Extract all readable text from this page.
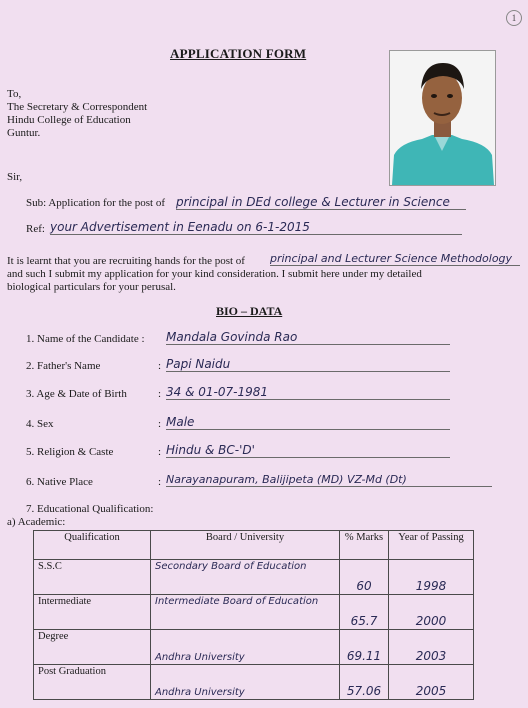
1
APPLICATION FORM
To,
The Secretary & Correspondent
Hindu College of Education
Guntur.
Sir,
Sub: Application for the post of principal in DEd college & Lecturer in Science
Ref: your Advertisement in Eenadu on 6-1-2015
It is learnt that you are recruiting hands for the post of principal and Lecturer Science Methodology
and such I submit my application for your kind consideration. I submit here under my detailed
biological particulars for your perusal.
BIO – DATA
1. Name of the Candidate : Mandala Govinda Rao
2. Father's Name	: Papi Naidu
3. Age & Date of Birth	: 34 & 01-07-1981
4. Sex	: Male
5. Religion & Caste	: Hindu & BC-'D'
6. Native Place	: Narayanapuram, Balijipeta (MD) VZ-Md (Dt)
7. Educational Qualification:
a) Academic:
Qualification	Board / University	% Marks	Year of Passing
S.S.C	Secondary Board of Education	60	1998
Intermediate	Intermediate Board of Education	65.7	2000
Degree	Andhra University	69.11	2003
Post Graduation	Andhra University	57.06	2005
